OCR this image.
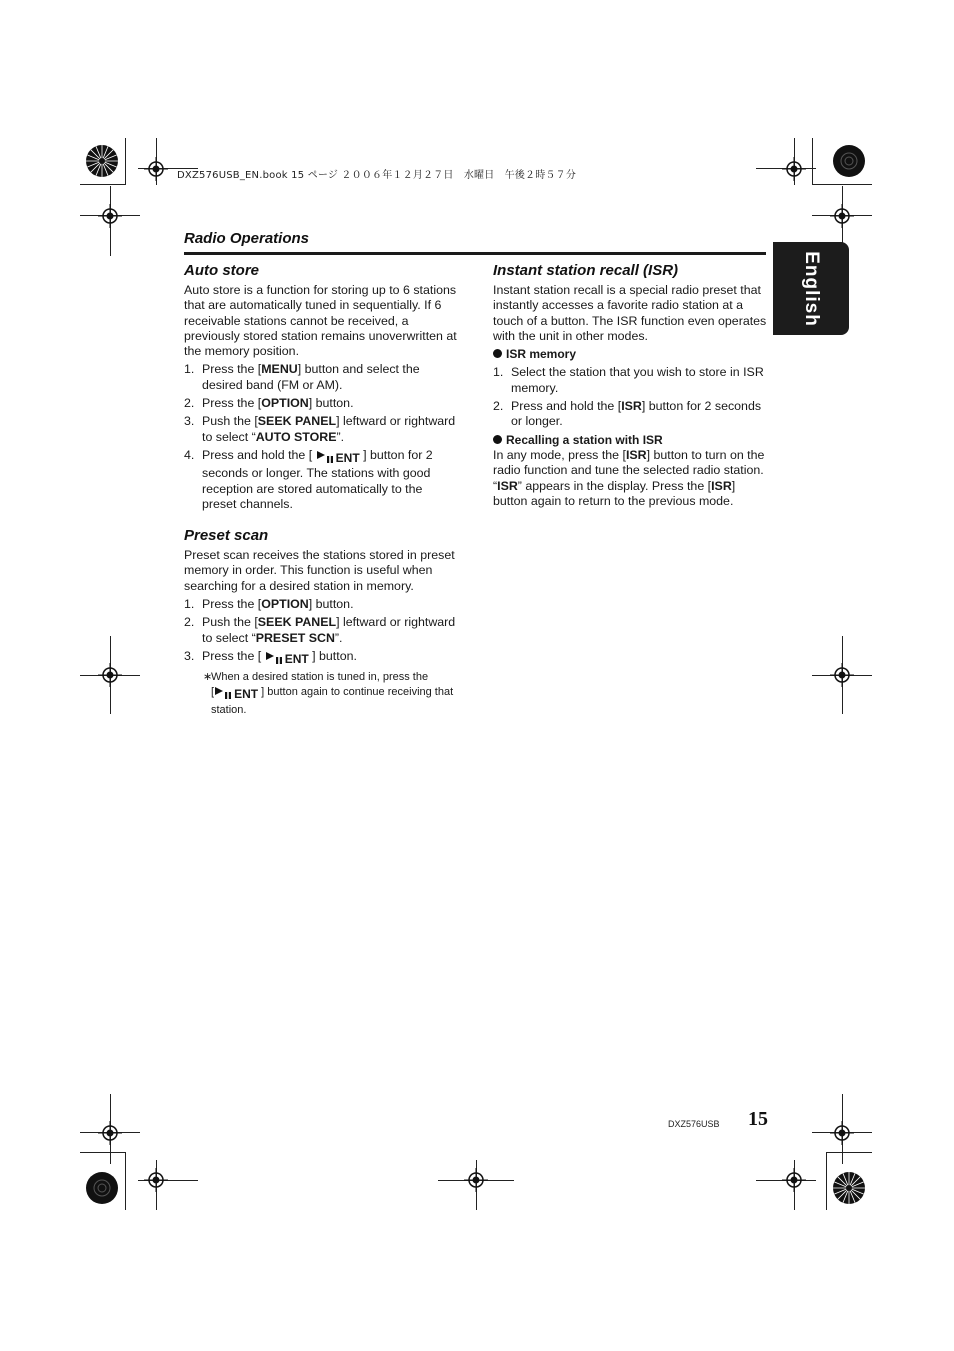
DXZ576USB_EN.book 15 ページ ２００６年１２月２７日　水曜日　午後２時５７分
Radio Operations
English
Auto store

Auto store is a function for storing up to 6 stations that are automatically tuned in sequentially. If 6 receivable stations cannot be received, a previously stored station remains unoverwritten at the memory position.

1. Press the [MENU] button and select the desired band (FM or AM).
2. Press the [OPTION] button.
3. Push the [SEEK PANEL] leftward or rightward to select “AUTO STORE”.
4. Press and hold the [ ENT ] button for 2 seconds or longer. The stations with good reception are stored automatically to the preset channels.
Preset scan

Preset scan receives the stations stored in preset memory in order. This function is useful when searching for a desired station in memory.

1. Press the [OPTION] button.
2. Push the [SEEK PANEL] leftward or rightward to select “PRESET SCN”.
3. Press the [ ENT ] button.
∗
When a desired station is tuned in, press the
[ ENT ] button again to continue receiving that station.
Instant station recall (ISR)

Instant station recall is a special radio preset that instantly accesses a favorite radio station at a touch of a button. The ISR function even operates with the unit in other modes.

ISR memory
1. Select the station that you wish to store in ISR memory.
2. Press and hold the [ISR] button for 2 seconds or longer.
Recalling a station with ISR

In any mode, press the [ISR] button to turn on the radio function and tune the selected radio station. “ISR” appears in the display. Press the [ISR] button again to return to the previous mode.

DXZ576USB 15
